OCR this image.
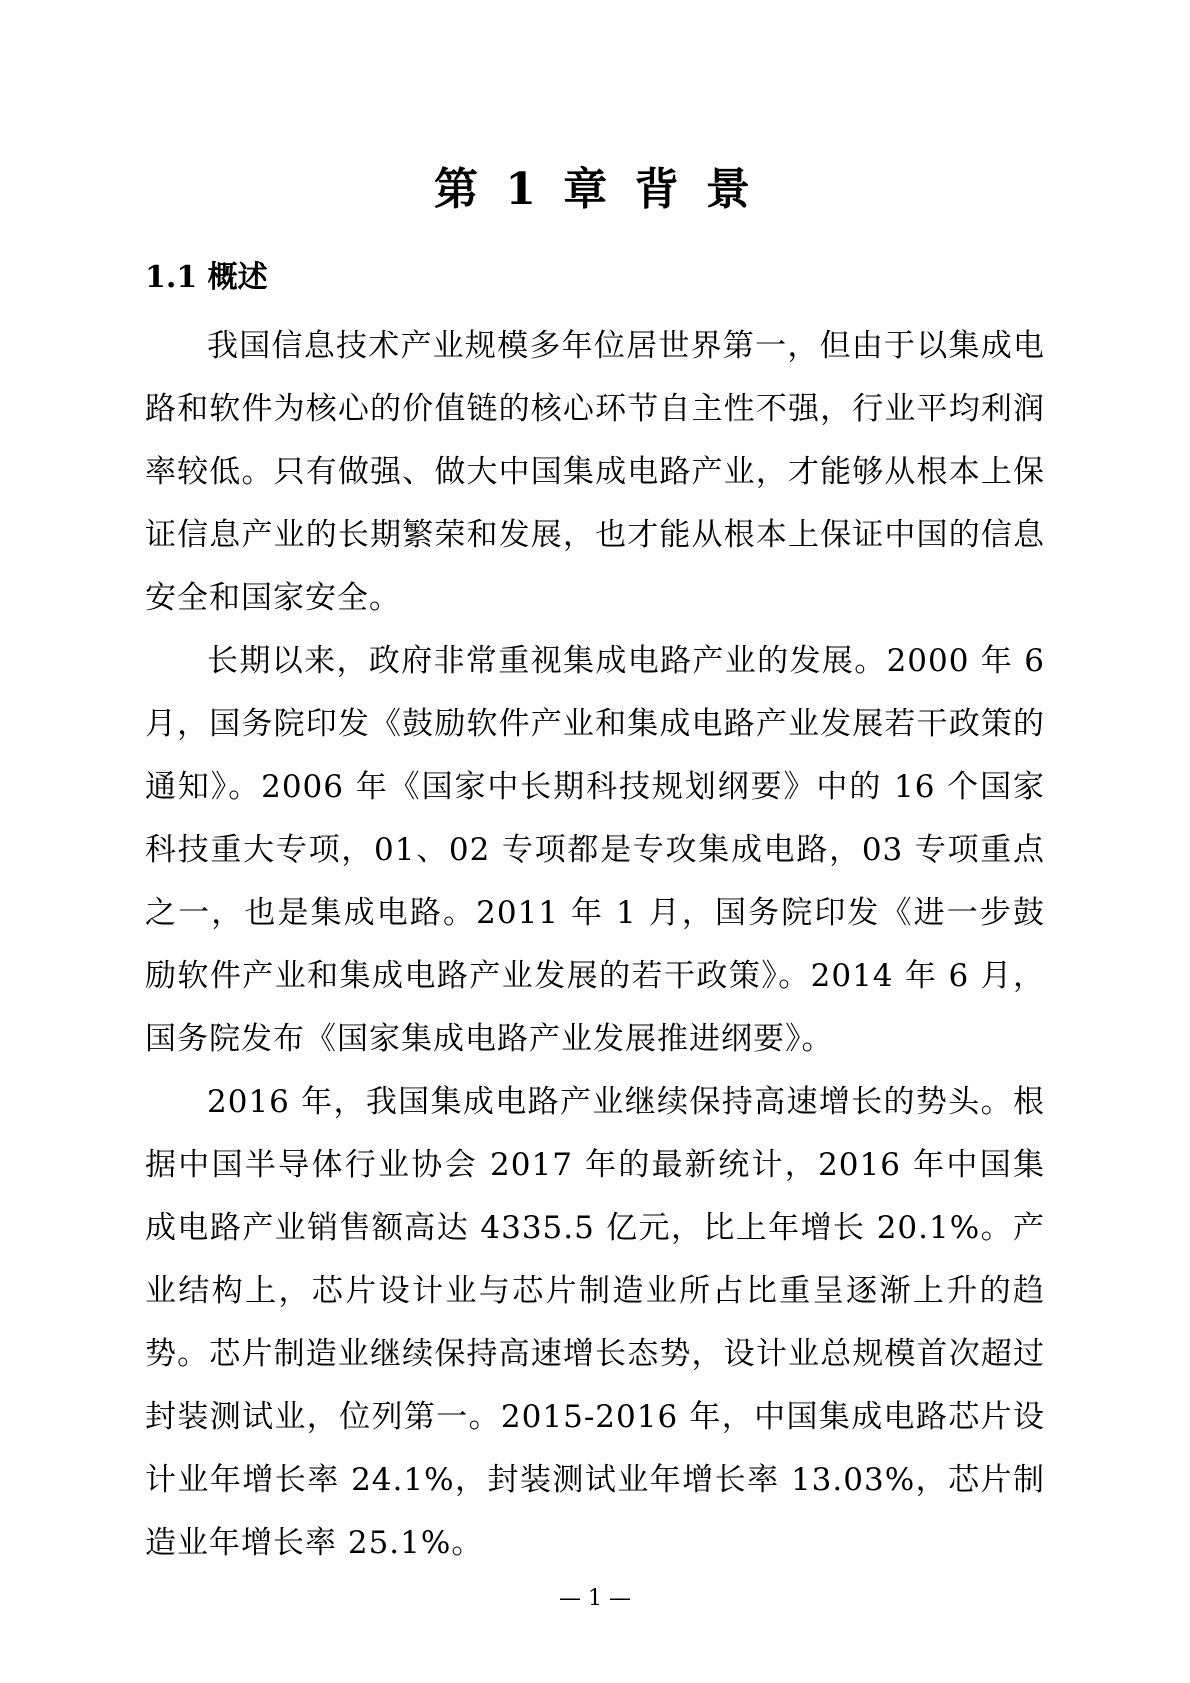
第 1 章 背 景
1.1 概述

我国信息技术产业规模多年位居世界第一，但由于以集成电路和软件为核心的价值链的核心环节自主性不强，行业平均利润率较低。只有做强、做大中国集成电路产业，才能够从根本上保证信息产业的长期繁荣和发展，也才能从根本上保证中国的信息安全和国家安全。

长期以来，政府非常重视集成电路产业的发展。2000 年 6 月，国务院印发《鼓励软件产业和集成电路产业发展若干政策的通知》。2006 年《国家中长期科技规划纲要》中的 16 个国家科技重大专项，01、02 专项都是专攻集成电路，03 专项重点之一，也是集成电路。2011 年 1 月，国务院印发《进一步鼓励软件产业和集成电路产业发展的若干政策》。2014 年 6 月，国务院发布《国家集成电路产业发展推进纲要》。

2016 年，我国集成电路产业继续保持高速增长的势头。根据中国半导体行业协会 2017 年的最新统计，2016 年中国集成电路产业销售额高达 4335.5 亿元，比上年增长 20.1%。产业结构上，芯片设计业与芯片制造业所占比重呈逐渐上升的趋势。芯片制造业继续保持高速增长态势，设计业总规模首次超过封装测试业，位列第一。2015-2016 年，中国集成电路芯片设计业年增长率 24.1%，封装测试业年增长率 13.03%，芯片制造业年增长率 25.1%。

— 1 —
